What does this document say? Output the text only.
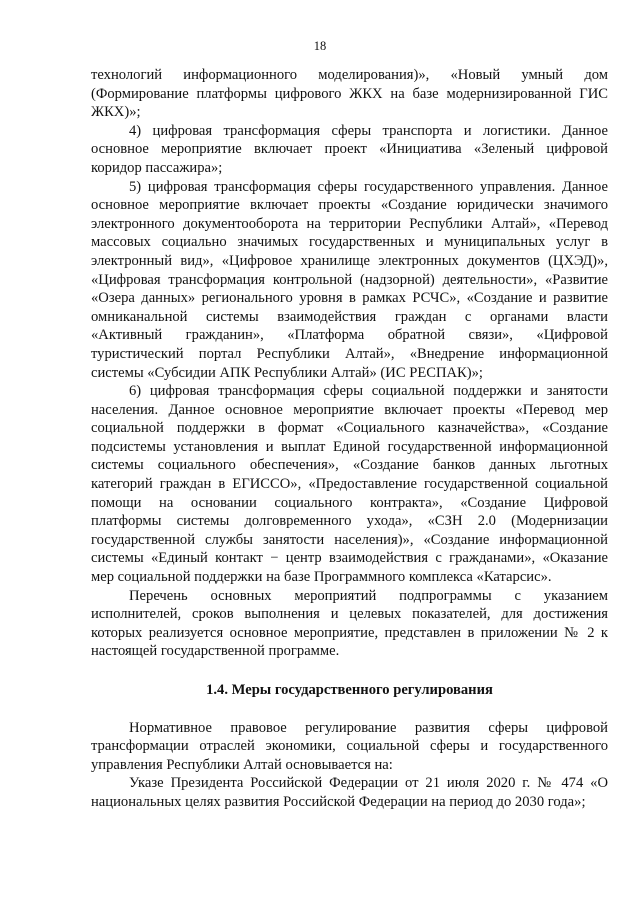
18
технологий информационного моделирования)», «Новый умный дом
(Формирование платформы цифрового ЖКХ на базе модернизированной ГИС
ЖКХ)»;
4) цифровая трансформация сферы транспорта и логистики. Данное
основное мероприятие включает проект «Инициатива «Зеленый цифровой
коридор пассажира»;
5) цифровая трансформация сферы государственного управления. Данное
основное мероприятие включает проекты «Создание юридически значимого
электронного документооборота на территории Республики Алтай», «Перевод
массовых социально значимых государственных и муниципальных услуг в
электронный вид», «Цифровое хранилище электронных документов (ЦХЭД)»,
«Цифровая трансформация контрольной (надзорной) деятельности», «Развитие
«Озера данных» регионального уровня в рамках РСЧС», «Создание и развитие
омниканальной системы взаимодействия граждан с органами власти
«Активный гражданин», «Платформа обратной связи», «Цифровой
туристический портал Республики Алтай», «Внедрение информационной
системы «Субсидии АПК Республики Алтай» (ИС РЕСПАК)»;
6) цифровая трансформация сферы социальной поддержки и занятости
населения. Данное основное мероприятие включает проекты «Перевод мер
социальной поддержки в формат «Социального казначейства», «Создание
подсистемы установления и выплат Единой государственной информационной
системы социального обеспечения», «Создание банков данных льготных
категорий граждан в ЕГИССО», «Предоставление государственной социальной
помощи на основании социального контракта», «Создание Цифровой
платформы системы долговременного ухода», «СЗН 2.0 (Модернизации
государственной службы занятости населения)», «Создание информационной
системы «Единый контакт − центр взаимодействия с гражданами», «Оказание
мер социальной поддержки на базе Программного комплекса «Катарсис».
Перечень основных мероприятий подпрограммы с указанием
исполнителей, сроков выполнения и целевых показателей, для достижения
которых реализуется основное мероприятие, представлен в приложении № 2 к
настоящей государственной программе.
1.4. Меры государственного регулирования
Нормативное правовое регулирование развития сферы цифровой
трансформации отраслей экономики, социальной сферы и государственного
управления Республики Алтай основывается на:
Указе Президента Российской Федерации от 21 июля 2020 г. № 474 «О
национальных целях развития Российской Федерации на период до 2030 года»;
